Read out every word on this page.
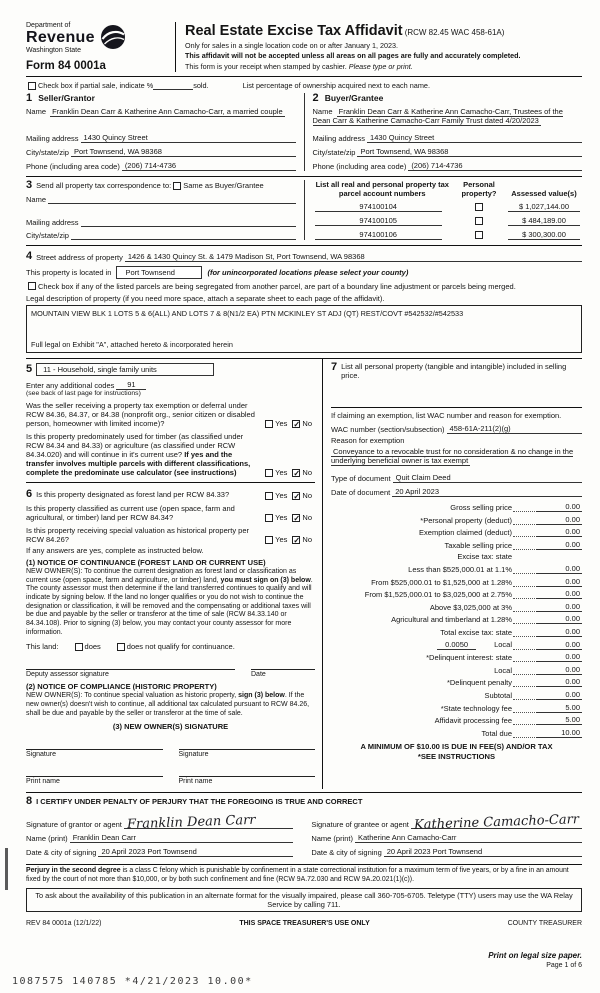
Department of
Revenue
Washington State
Form 84 0001a
Real Estate Excise Tax Affidavit (RCW 82.45 WAC 458-61A)
Only for sales in a single location code on or after January 1, 2023.
This affidavit will not be accepted unless all areas on all pages are fully and accurately completed.
This form is your receipt when stamped by cashier. Please type or print.
Check box if partial sale, indicate %	sold.	List percentage of ownership acquired next to each name.
1 Seller/Grantor
Name Franklin Dean Carr & Katherine Ann Camacho-Carr, a married couple
Mailing address 1430 Quincy Street
City/state/zip Port Townsend, WA 98368
Phone (including area code) (206) 714-4736
2 Buyer/Grantee
Name Franklin Dean Carr & Katherine Ann Camacho-Carr, Trustees of the Dean Carr & Katherine Camacho-Carr Family Trust dated 4/20/2023
Mailing address 1430 Quincy Street
City/state/zip Port Townsend, WA 98368
Phone (including area code) (206) 714-4736
3 Send all property tax correspondence to: Same as Buyer/Grantee
Name
Mailing address
City/state/zip
List all real and personal property tax parcel account numbers
Personal property?	Assessed value(s)
974100104	$ 1,027,144.00
974100105	$ 484,189.00
974100106	$ 300,300.00
4 Street address of property 1426 & 1430 Quincy St. & 1479 Madison St, Port Townsend, WA 98368
This property is located in	Port Townsend	(for unincorporated locations please select your county)
Check box if any of the listed parcels are being segregated from another parcel, are part of a boundary line adjustment or parcels being merged.
Legal description of property (if you need more space, attach a separate sheet to each page of the affidavit).
MOUNTAIN VIEW BLK 1 LOTS 5 & 6(ALL) AND LOTS 7 & 8(N1/2 EA) PTN MCKINLEY ST ADJ (QT) REST/COVT #542532/#542533
Full legal on Exhibit "A", attached hereto & incorporated herein
5	11 - Household, single family units
Enter any additional codes	91
(see back of last page for instructions)
Was the seller receiving a property tax exemption or deferral under RCW 84.36, 84.37, or 84.38 (nonprofit org., senior citizen or disabled person, homeowner with limited income)?	Yes ✓ No
Is this property predominately used for timber (as classified under RCW 84.34 and 84.33) or agriculture (as classified under RCW 84.34.020) and will continue in it's current use? If yes and the transfer involves multiple parcels with different classifications, complete the predominate use calculator (see instructions)	Yes ✓ No
6 Is this property designated as forest land per RCW 84.33?	Yes ✓ No
Is this property classified as current use (open space, farm and agricultural, or timber) land per RCW 84.34?	Yes ✓ No
Is this property receiving special valuation as historical property per RCW 84.26?	Yes ✓ No
If any answers are yes, complete as instructed below.
(1) NOTICE OF CONTINUANCE (FOREST LAND OR CURRENT USE)
NEW OWNER(S): To continue the current designation as forest land or classification as current use (open space, farm and agriculture, or timber) land, you must sign on (3) below. The county assessor must then determine if the land transferred continues to qualify and will indicate by signing below. If the land no longer qualifies or you do not wish to continue the designation or classification, it will be removed and the compensating or additional taxes will be due and payable by the seller or transferor at the time of sale (RCW 84.33.140 or 84.34.108). Prior to signing (3) below, you may contact your county assessor for more information.
This land:	does	does not qualify for continuance.
Deputy assessor signature	Date
(2) NOTICE OF COMPLIANCE (HISTORIC PROPERTY)
NEW OWNER(S): To continue special valuation as historic property, sign (3) below. If the new owner(s) doesn't wish to continue, all additional tax calculated pursuant to RCW 84.26, shall be due and payable by the seller or transferor at the time of sale.
(3) NEW OWNER(S) SIGNATURE
Signature	Signature
Print name	Print name
7 List all personal property (tangible and intangible) included in selling price.
If claiming an exemption, list WAC number and reason for exemption.
WAC number (section/subsection) 458-61A-211(2)(g)
Reason for exemption
Conveyance to a revocable trust for no consideration & no change in the underlying beneficial owner is tax exempt
Type of document Quit Claim Deed
Date of document 20 April 2023
Gross selling price	0.00
*Personal property (deduct)	0.00
Exemption claimed (deduct)	0.00
Taxable selling price	0.00
Excise tax: state
Less than $525,000.01 at 1.1%	0.00
From $525,000.01 to $1,525,000 at 1.28%	0.00
From $1,525,000.01 to $3,025,000 at 2.75%	0.00
Above $3,025,000 at 3%	0.00
Agricultural and timberland at 1.28%	0.00
Total excise tax: state	0.00
0.0050	Local	0.00
*Delinquent interest: state	0.00
Local	0.00
*Delinquent penalty	0.00
Subtotal	0.00
*State technology fee	5.00
Affidavit processing fee	5.00
Total due	10.00
A MINIMUM OF $10.00 IS DUE IN FEE(S) AND/OR TAX
*SEE INSTRUCTIONS
8 I CERTIFY UNDER PENALTY OF PERJURY THAT THE FOREGOING IS TRUE AND CORRECT
Signature of grantor or agent Franklin Dean Carr
Name (print) Franklin Dean Carr
Date & city of signing 20 April 2023 Port Townsend
Signature of grantee or agent Katherine Camacho-Carr
Name (print) Katherine Ann Camacho-Carr
Date & city of signing 20 April 2023 Port Townsend
Perjury in the second degree is a class C felony which is punishable by confinement in a state correctional institution for a maximum term of five years, or by a fine in an amount fixed by the court of not more than $10,000, or by both such confinement and fine (RCW 9A.72.030 and RCW 9A.20.021(1)(c)).
To ask about the availability of this publication in an alternate format for the visually impaired, please call 360-705-6705. Teletype (TTY) users may use the WA Relay Service by calling 711.
REV 84 0001a (12/1/22)	THIS SPACE TREASURER'S USE ONLY	COUNTY TREASURER
Print on legal size paper.
Page 1 of 6
1087575 140785 *4/21/2023 10.00*
